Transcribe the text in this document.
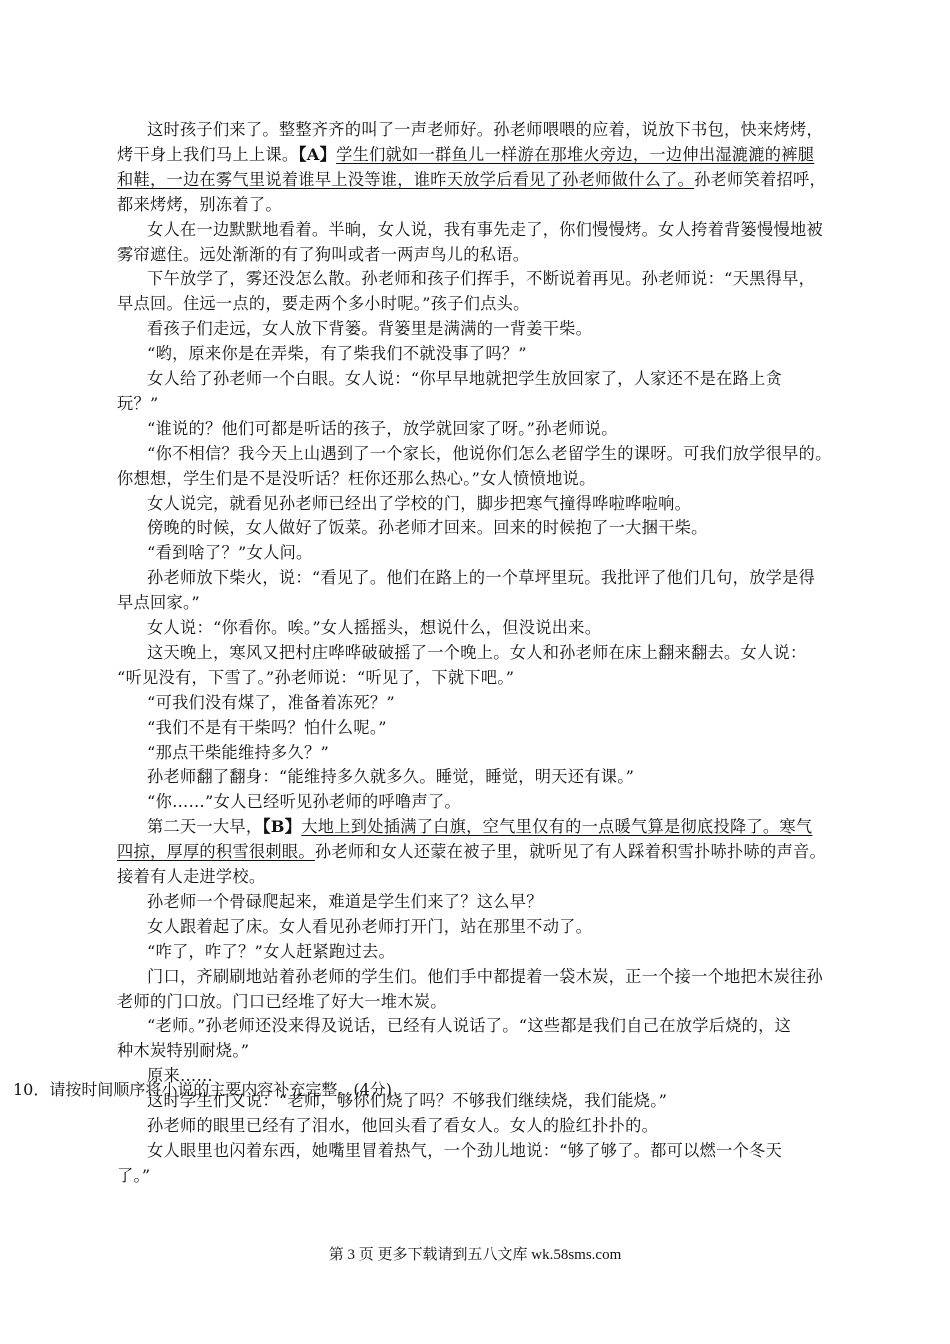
这时孩子们来了。整整齐齐的叫了一声老师好。孙老师喂喂的应着，说放下书包，快来烤烤，
烤干身上我们马上上课。【A】学生们就如一群鱼儿一样游在那堆火旁边，一边伸出湿漉漉的裤腿
和鞋，一边在雾气里说着谁早上没等谁，谁昨天放学后看见了孙老师做什么了。孙老师笑着招呼，
都来烤烤，别冻着了。
女人在一边默默地看着。半晌，女人说，我有事先走了，你们慢慢烤。女人挎着背篓慢慢地被
雾帘遮住。远处渐渐的有了狗叫或者一两声鸟儿的私语。
下午放学了，雾还没怎么散。孙老师和孩子们挥手，不断说着再见。孙老师说：“天黑得早，
早点回。住远一点的，要走两个多小时呢。”孩子们点头。
看孩子们走远，女人放下背篓。背篓里是满满的一背姜干柴。
“哟，原来你是在弄柴，有了柴我们不就没事了吗？”
女人给了孙老师一个白眼。女人说：“你早早地就把学生放回家了，人家还不是在路上贪
玩？”
“谁说的？他们可都是听话的孩子，放学就回家了呀。”孙老师说。
“你不相信？我今天上山遇到了一个家长，他说你们怎么老留学生的课呀。可我们放学很早的。
你想想，学生们是不是没听话？枉你还那么热心。”女人愤愤地说。
女人说完，就看见孙老师已经出了学校的门，脚步把寒气撞得哗啦哗啦响。
傍晚的时候，女人做好了饭菜。孙老师才回来。回来的时候抱了一大捆干柴。
“看到啥了？”女人问。
孙老师放下柴火，说：“看见了。他们在路上的一个草坪里玩。我批评了他们几句，放学是得
早点回家。”
女人说：“你看你。唉。”女人摇摇头，想说什么，但没说出来。
这天晚上，寒风又把村庄哗哗破破摇了一个晚上。女人和孙老师在床上翻来翻去。女人说：
“听见没有，下雪了。”孙老师说：“听见了，下就下吧。”
“可我们没有煤了，准备着冻死？”
“我们不是有干柴吗？怕什么呢。”
“那点干柴能维持多久？”
孙老师翻了翻身：“能维持多久就多久。睡觉，睡觉，明天还有课。”
“你……”女人已经听见孙老师的呼噜声了。
第二天一大早，【B】大地上到处插满了白旗，空气里仅有的一点暖气算是彻底投降了。寒气
四掠，厚厚的积雪很刺眼。孙老师和女人还蒙在被子里，就听见了有人踩着积雪扑哧扑哧的声音。
接着有人走进学校。
孙老师一个骨碌爬起来，难道是学生们来了？这么早？
女人跟着起了床。女人看见孙老师打开门，站在那里不动了。
“咋了，咋了？”女人赶紧跑过去。
门口，齐刷刷地站着孙老师的学生们。他们手中都提着一袋木炭，正一个接一个地把木炭往孙
老师的门口放。门口已经堆了好大一堆木炭。
“老师。”孙老师还没来得及说话，已经有人说话了。“这些都是我们自己在放学后烧的，这
种木炭特别耐烧。”
原来……
这时学生们又说：“老师，够你们烧了吗？不够我们继续烧，我们能烧。”
孙老师的眼里已经有了泪水，他回头看了看女人。女人的脸红扑扑的。
女人眼里也闪着东西，她嘴里冒着热气，一个劲儿地说：“够了够了。都可以燃一个冬天
了。”
10．请按时间顺序将小说的主要内容补充完整。(4分)
第 3 页 更多下载请到五八文库 wk.58sms.com
